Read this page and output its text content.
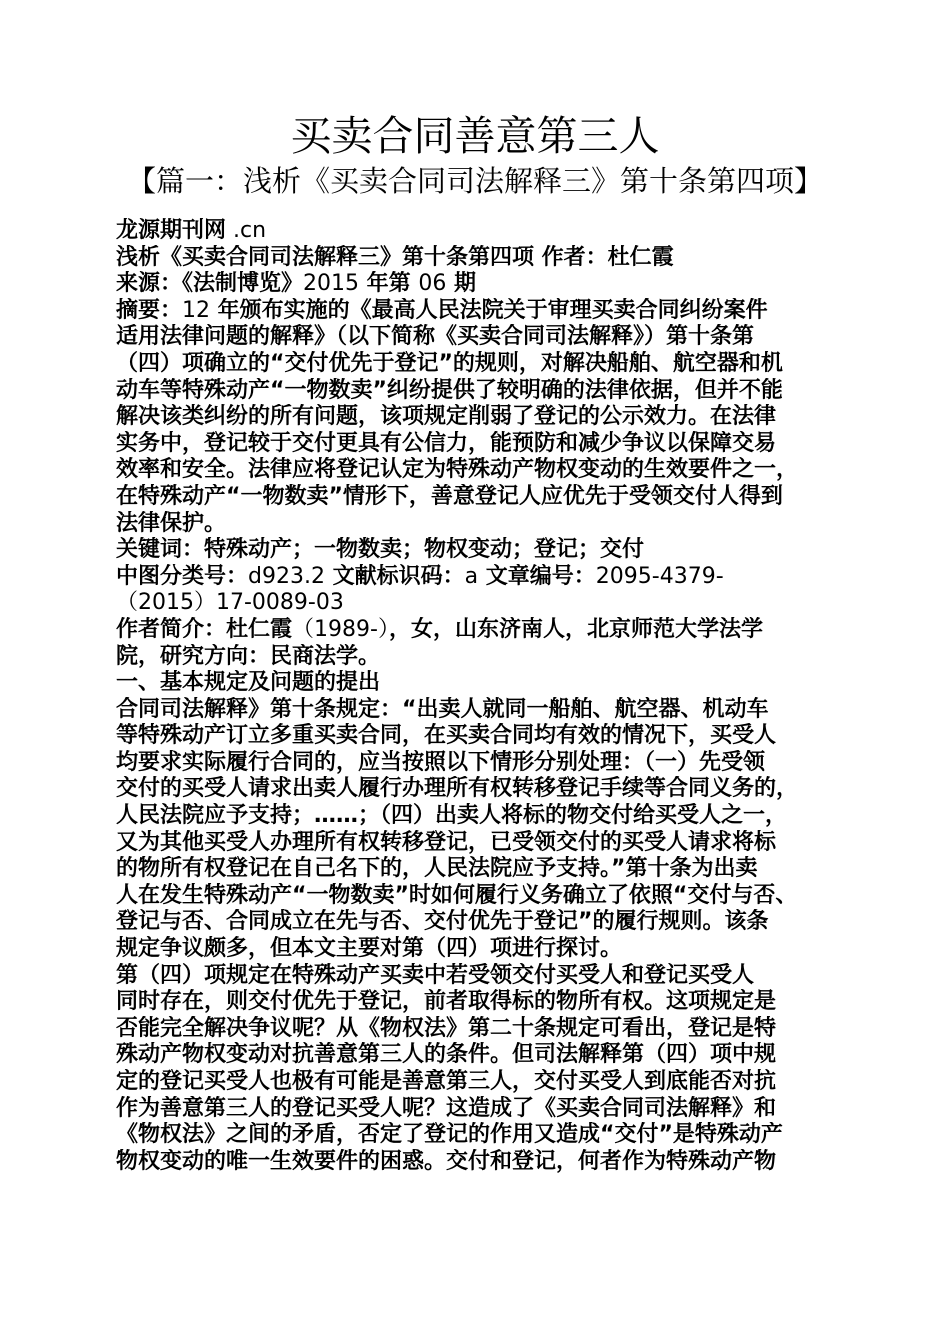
买卖合同善意第三人
【篇一：浅析《买卖合同司法解释三》第十条第四项】
龙源期刊网 .cn
浅析《买卖合同司法解释三》第十条第四项 作者：杜仁霞
来源：《法制博览》2015 年第 06 期
摘要：12 年颁布实施的《最高人民法院关于审理买卖合同纠纷案件
适用法律问题的解释》（以下简称《买卖合同司法解释》）第十条第
（四）项确立的“交付优先于登记”的规则，对解决船舶、航空器和机
动车等特殊动产“一物数卖”纠纷提供了较明确的法律依据，但并不能
解决该类纠纷的所有问题，该项规定削弱了登记的公示效力。在法律
实务中，登记较于交付更具有公信力，能预防和减少争议以保障交易
效率和安全。法律应将登记认定为特殊动产物权变动的生效要件之一，
在特殊动产“一物数卖”情形下，善意登记人应优先于受领交付人得到
法律保护。
关键词：特殊动产；一物数卖；物权变动；登记；交付
中图分类号：d923.2 文献标识码：a 文章编号：2095-4379-
（2015）17-0089-03
作者简介：杜仁霞（1989-），女，山东济南人，北京师范大学法学
院，研究方向：民商法学。
一、基本规定及问题的提出
合同司法解释》第十条规定：“出卖人就同一船舶、航空器、机动车
等特殊动产订立多重买卖合同，在买卖合同均有效的情况下，买受人
均要求实际履行合同的，应当按照以下情形分别处理：（一）先受领
交付的买受人请求出卖人履行办理所有权转移登记手续等合同义务的，
人民法院应予支持；……；（四）出卖人将标的物交付给买受人之一，
又为其他买受人办理所有权转移登记，已受领交付的买受人请求将标
的物所有权登记在自己名下的，人民法院应予支持。”第十条为出卖
人在发生特殊动产“一物数卖”时如何履行义务确立了依照“交付与否、
登记与否、合同成立在先与否、交付优先于登记”的履行规则。该条
规定争议颇多，但本文主要对第（四）项进行探讨。
第（四）项规定在特殊动产买卖中若受领交付买受人和登记买受人
同时存在，则交付优先于登记，前者取得标的物所有权。这项规定是
否能完全解决争议呢？从《物权法》第二十条规定可看出，登记是特
殊动产物权变动对抗善意第三人的条件。但司法解释第（四）项中规
定的登记买受人也极有可能是善意第三人，交付买受人到底能否对抗
作为善意第三人的登记买受人呢？这造成了《买卖合同司法解释》和
《物权法》之间的矛盾，否定了登记的作用又造成“交付”是特殊动产
物权变动的唯一生效要件的困惑。交付和登记，何者作为特殊动产物
